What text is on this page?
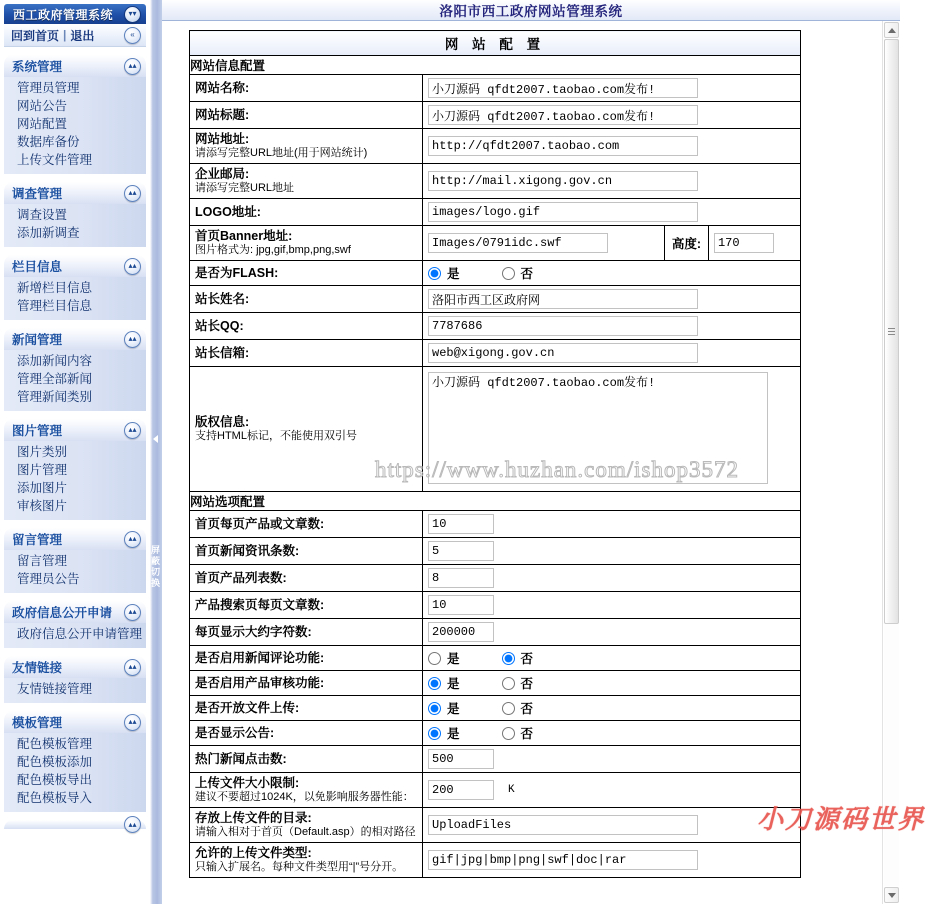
西工政府管理系统	▾▾
回到首页 | 退出	«
系统管理	▴▴
管理员管理
网站公告
网站配置
数据库备份
上传文件管理
调查管理	▴▴
调查设置
添加新调查
栏目信息	▴▴
新增栏目信息
管理栏目信息
新闻管理	▴▴
添加新闻内容
管理全部新闻
管理新闻类别
图片管理	▴▴
图片类别
图片管理
添加图片
审核图片
留言管理	▴▴
留言管理
管理员公告
政府信息公开申请	▴▴
政府信息公开申请管理
友情链接	▴▴
友情链接管理
模板管理	▴▴
配色模板管理
配色模板添加
配色模板导出
配色模板导入

▴▴
屏蔽切换
洛阳市西工政府网站管理系统
网 站 配 置			
网站信息配置			

网站名称:
	小刀源码 qfdt2007.taobao.com发布!

网站标题:
	小刀源码 qfdt2007.taobao.com发布!

网站地址:
请添写完整URL地址(用于网站统计)
	http://qfdt2007.taobao.com

企业邮局:
请添写完整URL地址
	http://mail.xigong.gov.cn

LOGO地址:
	images/logo.gif

首页Banner地址:
图片格式为: jpg,gif,bmp,png,swf
	Images/0791idc.swf	高度:	170

是否为FLASH:	是 否		

站长姓名:
	洛阳市西工区政府网

站长QQ:
	7787686

站长信箱:
	web@xigong.gov.cn

版权信息:
支持HTML标记，不能使用双引号
	小刀源码 qfdt2007.taobao.com发布!
网站选项配置			

首页每页产品或文章数:
	10

首页新闻资讯条数:
	5

首页产品列表数:
	8

产品搜索页每页文章数:
	10

每页显示大约字符数:
	200000

是否启用新闻评论功能:	是 否		

是否启用产品审核功能:	是 否		

是否开放文件上传:	是 否		

是否显示公告:	是 否		

热门新闻点击数:
	500

上传文件大小限制:
建议不要超过1024K，以免影响服务器性能：

200
K

存放上传文件的目录:
请输入相对于首页（Default.asp）的相对路径
	UploadFiles

允许的上传文件类型:
只输入扩展名。每种文件类型用“|”号分开。
	gif|jpg|bmp|png|swf|doc|rar
小刀源码世界
